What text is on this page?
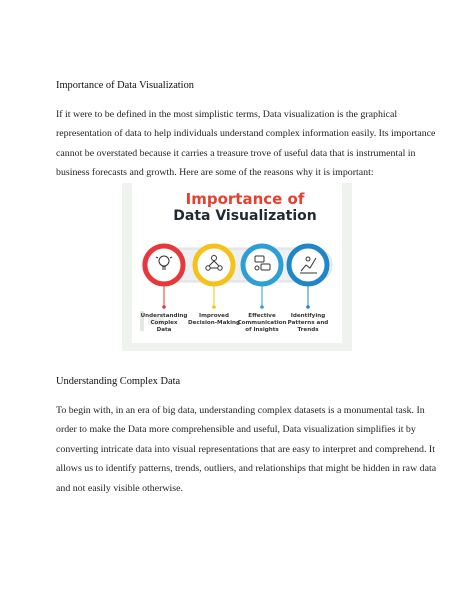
Importance of Data Visualization

If it were to be defined in the most simplistic terms, Data visualization is the graphical
representation of data to help individuals understand complex information easily. Its importance
cannot be overstated because it carries a treasure trove of useful data that is instrumental in
business forecasts and growth. Here are some of the reasons why it is important:

Importance of
Data Visualization
Understanding
Complex
Data
Improved
Decision-Making
Effective
Communication
of Insights
Identifying
Patterns and
Trends
Understanding Complex Data

To begin with, in an era of big data, understanding complex datasets is a monumental task. In
order to make the Data more comprehensible and useful, Data visualization simplifies it by
converting intricate data into visual representations that are easy to interpret and comprehend. It
allows us to identify patterns, trends, outliers, and relationships that might be hidden in raw data
and not easily visible otherwise.
